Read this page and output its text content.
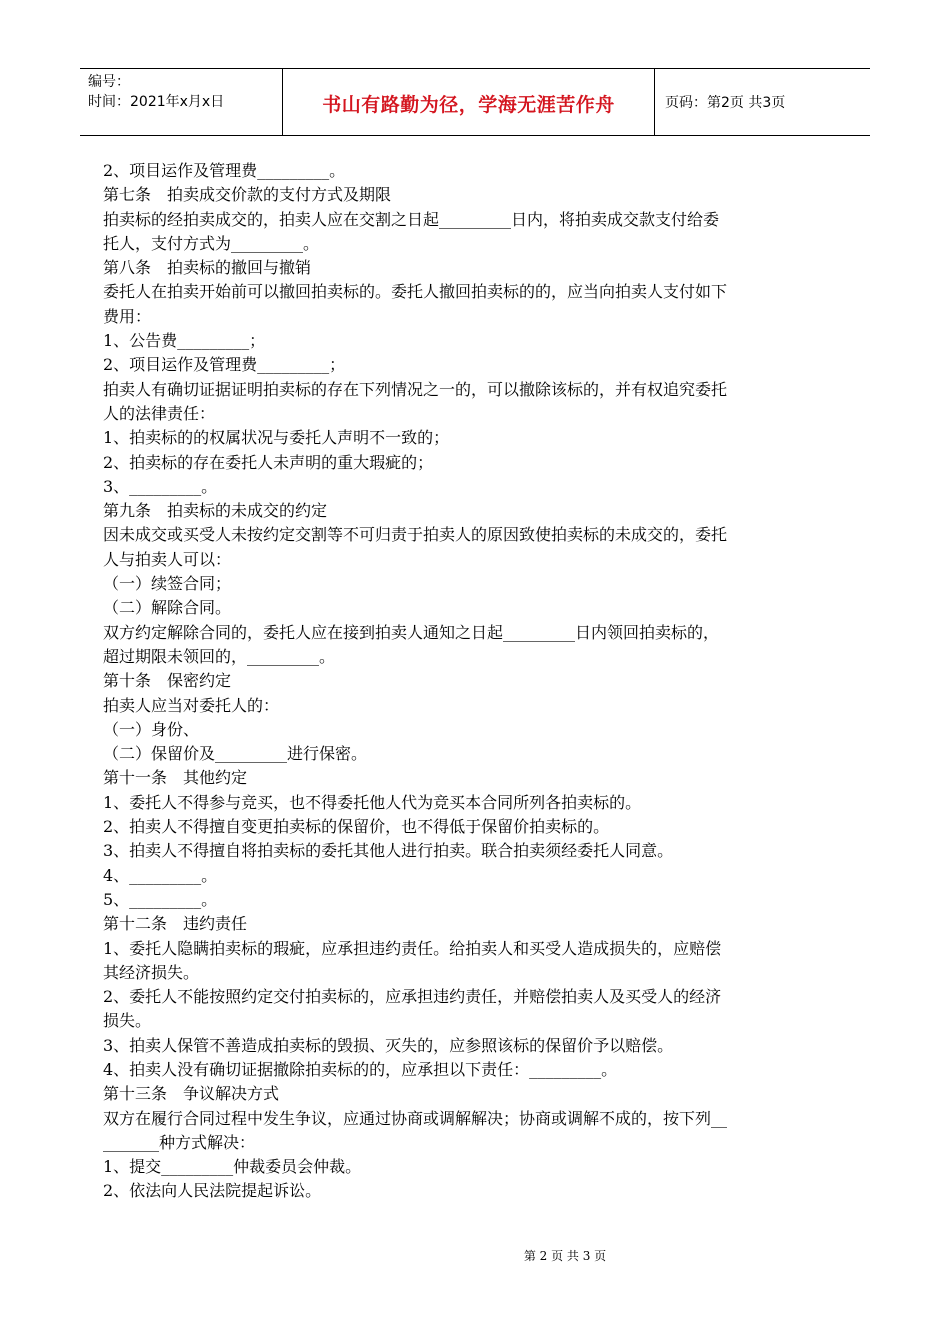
编号：
时间：2021年x月x日	书山有路勤为径，学海无涯苦作舟	页码：第2页 共3页
2、项目运作及管理费_________。
第七条　拍卖成交价款的支付方式及期限
拍卖标的经拍卖成交的，拍卖人应在交割之日起_________日内，将拍卖成交款支付给委
托人，支付方式为_________。
第八条　拍卖标的撤回与撤销
委托人在拍卖开始前可以撤回拍卖标的。委托人撤回拍卖标的的，应当向拍卖人支付如下
费用：
1、公告费_________；
2、项目运作及管理费_________；
拍卖人有确切证据证明拍卖标的存在下列情况之一的，可以撤除该标的，并有权追究委托
人的法律责任：
1、拍卖标的的权属状况与委托人声明不一致的；
2、拍卖标的存在委托人未声明的重大瑕疵的；
3、_________。
第九条　拍卖标的未成交的约定
因未成交或买受人未按约定交割等不可归责于拍卖人的原因致使拍卖标的未成交的，委托
人与拍卖人可以：
（一）续签合同；
（二）解除合同。
双方约定解除合同的，委托人应在接到拍卖人通知之日起_________日内领回拍卖标的，
超过期限未领回的，_________。
第十条　保密约定
拍卖人应当对委托人的：
（一）身份、
（二）保留价及_________进行保密。
第十一条　其他约定
1、委托人不得参与竞买，也不得委托他人代为竞买本合同所列各拍卖标的。
2、拍卖人不得擅自变更拍卖标的保留价，也不得低于保留价拍卖标的。
3、拍卖人不得擅自将拍卖标的委托其他人进行拍卖。联合拍卖须经委托人同意。
4、_________。
5、_________。
第十二条　违约责任
1、委托人隐瞒拍卖标的瑕疵，应承担违约责任。给拍卖人和买受人造成损失的，应赔偿
其经济损失。
2、委托人不能按照约定交付拍卖标的，应承担违约责任，并赔偿拍卖人及买受人的经济
损失。
3、拍卖人保管不善造成拍卖标的毁损、灭失的，应参照该标的保留价予以赔偿。
4、拍卖人没有确切证据撤除拍卖标的的，应承担以下责任：_________。
第十三条　争议解决方式
双方在履行合同过程中发生争议，应通过协商或调解解决；协商或调解不成的，按下列__
_______种方式解决：
1、提交_________仲裁委员会仲裁。
2、依法向人民法院提起诉讼。
第 2 页 共 3 页
